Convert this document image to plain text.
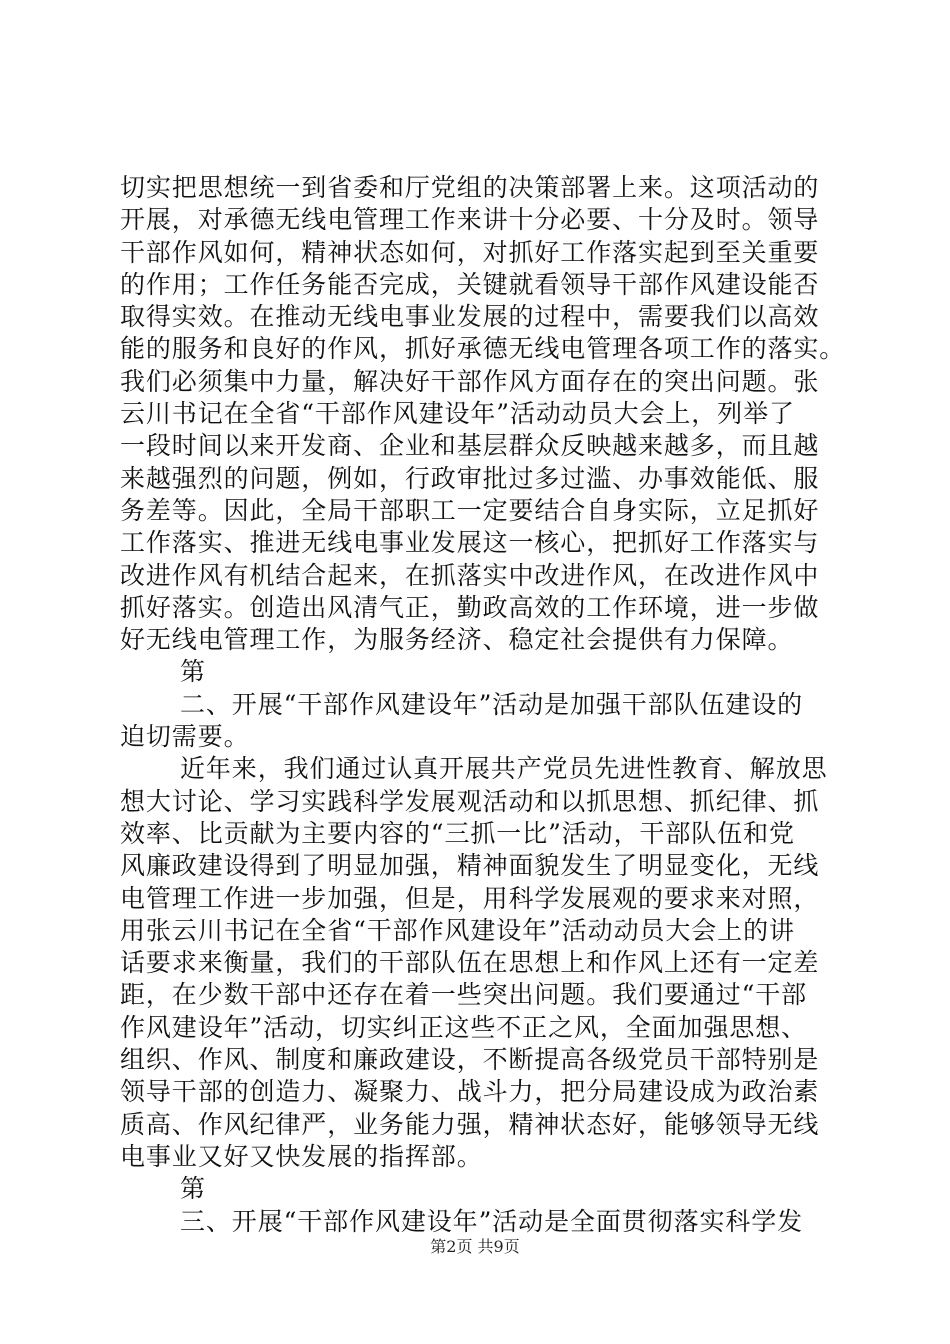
切实把思想统一到省委和厅党组的决策部署上来。这项活动的
开展，对承德无线电管理工作来讲十分必要、十分及时。领导
干部作风如何，精神状态如何，对抓好工作落实起到至关重要
的作用；工作任务能否完成，关键就看领导干部作风建设能否
取得实效。在推动无线电事业发展的过程中，需要我们以高效
能的服务和良好的作风，抓好承德无线电管理各项工作的落实。
我们必须集中力量，解决好干部作风方面存在的突出问题。张
云川书记在全省“干部作风建设年”活动动员大会上，列举了
一段时间以来开发商、企业和基层群众反映越来越多，而且越
来越强烈的问题，例如，行政审批过多过滥、办事效能低、服
务差等。因此，全局干部职工一定要结合自身实际，立足抓好
工作落实、推进无线电事业发展这一核心，把抓好工作落实与
改进作风有机结合起来，在抓落实中改进作风，在改进作风中
抓好落实。创造出风清气正，勤政高效的工作环境，进一步做
好无线电管理工作，为服务经济、稳定社会提供有力保障。
第
二、开展“干部作风建设年”活动是加强干部队伍建设的
迫切需要。
近年来，我们通过认真开展共产党员先进性教育、解放思
想大讨论、学习实践科学发展观活动和以抓思想、抓纪律、抓
效率、比贡献为主要内容的“三抓一比”活动，干部队伍和党
风廉政建设得到了明显加强，精神面貌发生了明显变化，无线
电管理工作进一步加强，但是，用科学发展观的要求来对照，
用张云川书记在全省“干部作风建设年”活动动员大会上的讲
话要求来衡量，我们的干部队伍在思想上和作风上还有一定差
距，在少数干部中还存在着一些突出问题。我们要通过“干部
作风建设年”活动，切实纠正这些不正之风，全面加强思想、
组织、作风、制度和廉政建设，不断提高各级党员干部特别是
领导干部的创造力、凝聚力、战斗力，把分局建设成为政治素
质高、作风纪律严，业务能力强，精神状态好，能够领导无线
电事业又好又快发展的指挥部。
第
三、开展“干部作风建设年”活动是全面贯彻落实科学发
第2页 共9页
